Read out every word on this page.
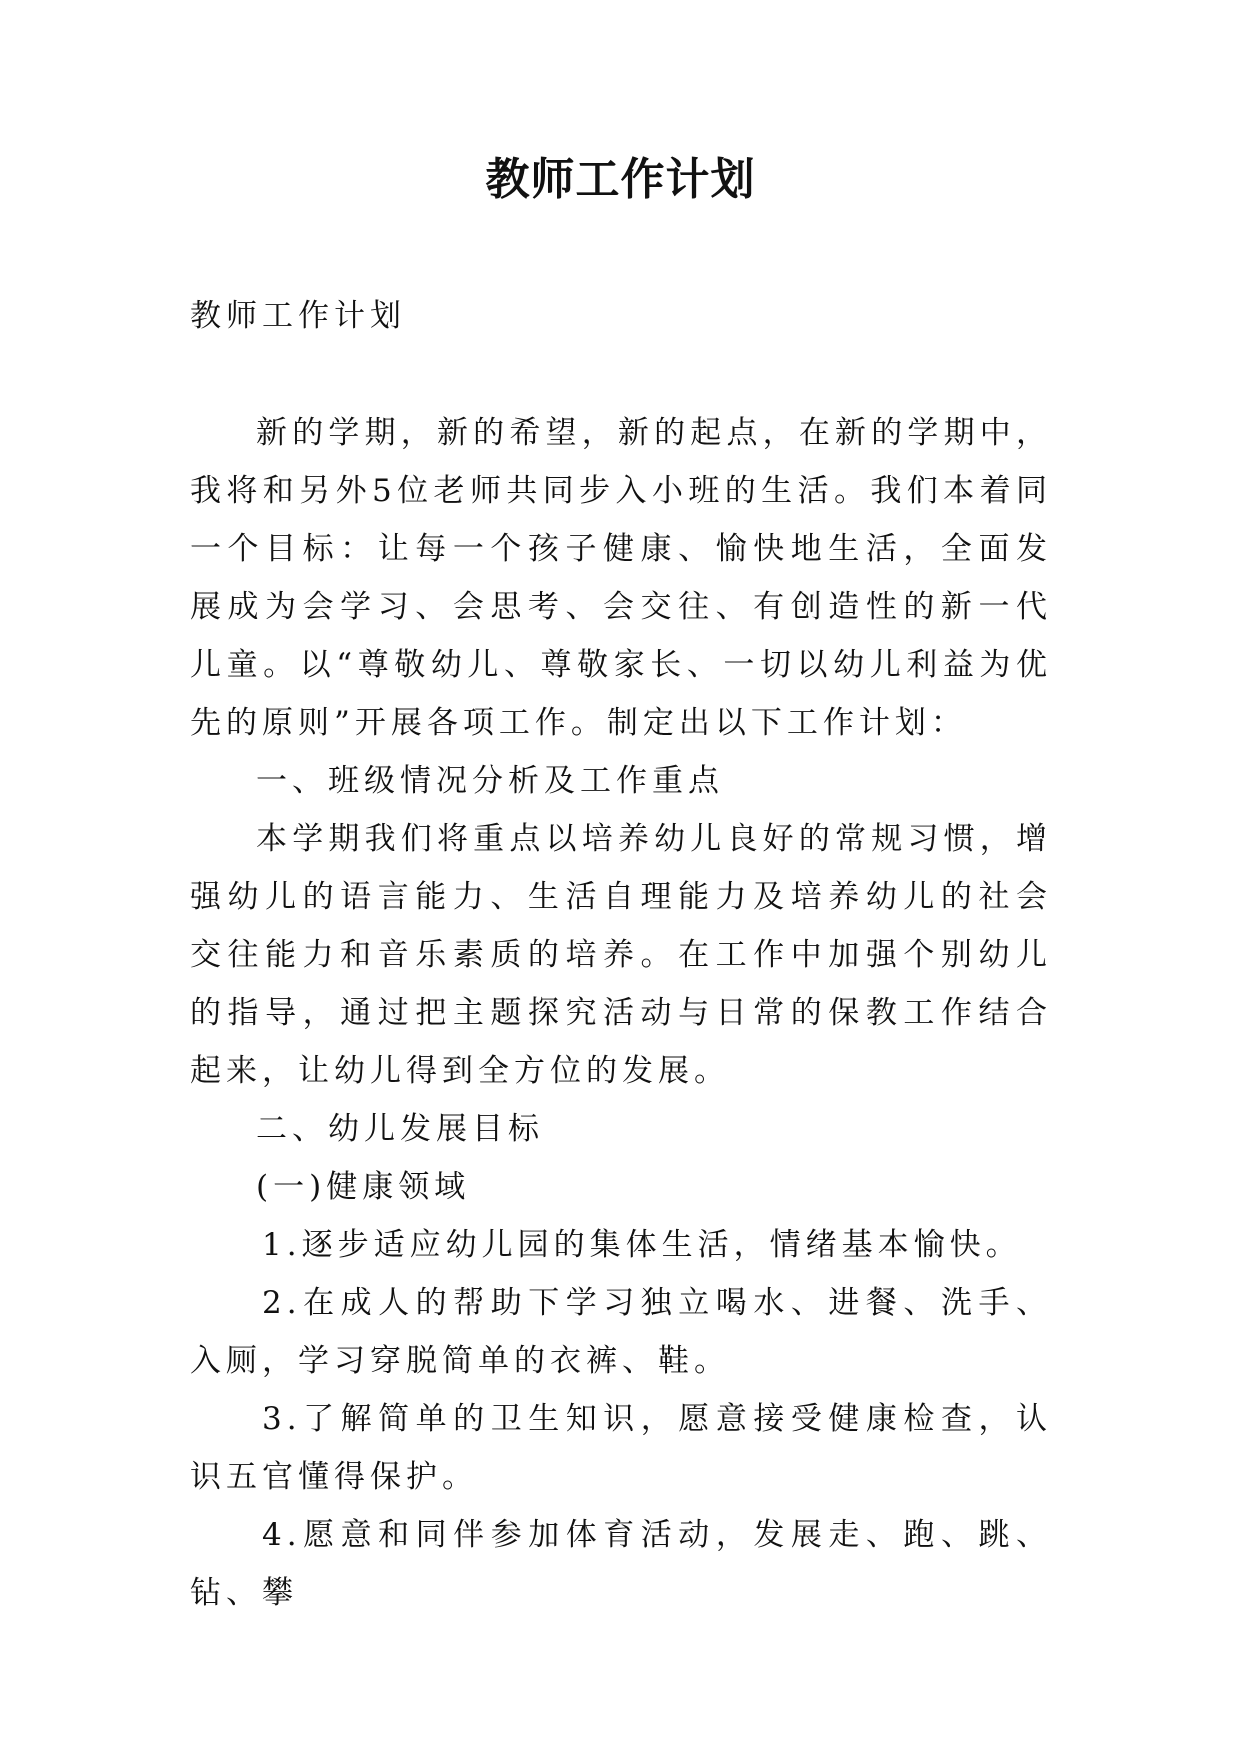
教师工作计划
教师工作计划

新的学期，新的希望，新的起点，在新的学期中，我将和另外5位老师共同步入小班的生活。我们本着同一个目标：让每一个孩子健康、愉快地生活，全面发展成为会学习、会思考、会交往、有创造性的新一代儿童。以“尊敬幼儿、尊敬家长、一切以幼儿利益为优先的原则”开展各项工作。制定出以下工作计划：

一、班级情况分析及工作重点

本学期我们将重点以培养幼儿良好的常规习惯，增强幼儿的语言能力、生活自理能力及培养幼儿的社会交往能力和音乐素质的培养。在工作中加强个别幼儿的指导，通过把主题探究活动与日常的保教工作结合起来，让幼儿得到全方位的发展。

二、幼儿发展目标

(一)健康领域

1.逐步适应幼儿园的集体生活，情绪基本愉快。

2.在成人的帮助下学习独立喝水、进餐、洗手、入厕，学习穿脱简单的衣裤、鞋。

3.了解简单的卫生知识，愿意接受健康检查，认识五官懂得保护。

4.愿意和同伴参加体育活动，发展走、跑、跳、钻、攀
